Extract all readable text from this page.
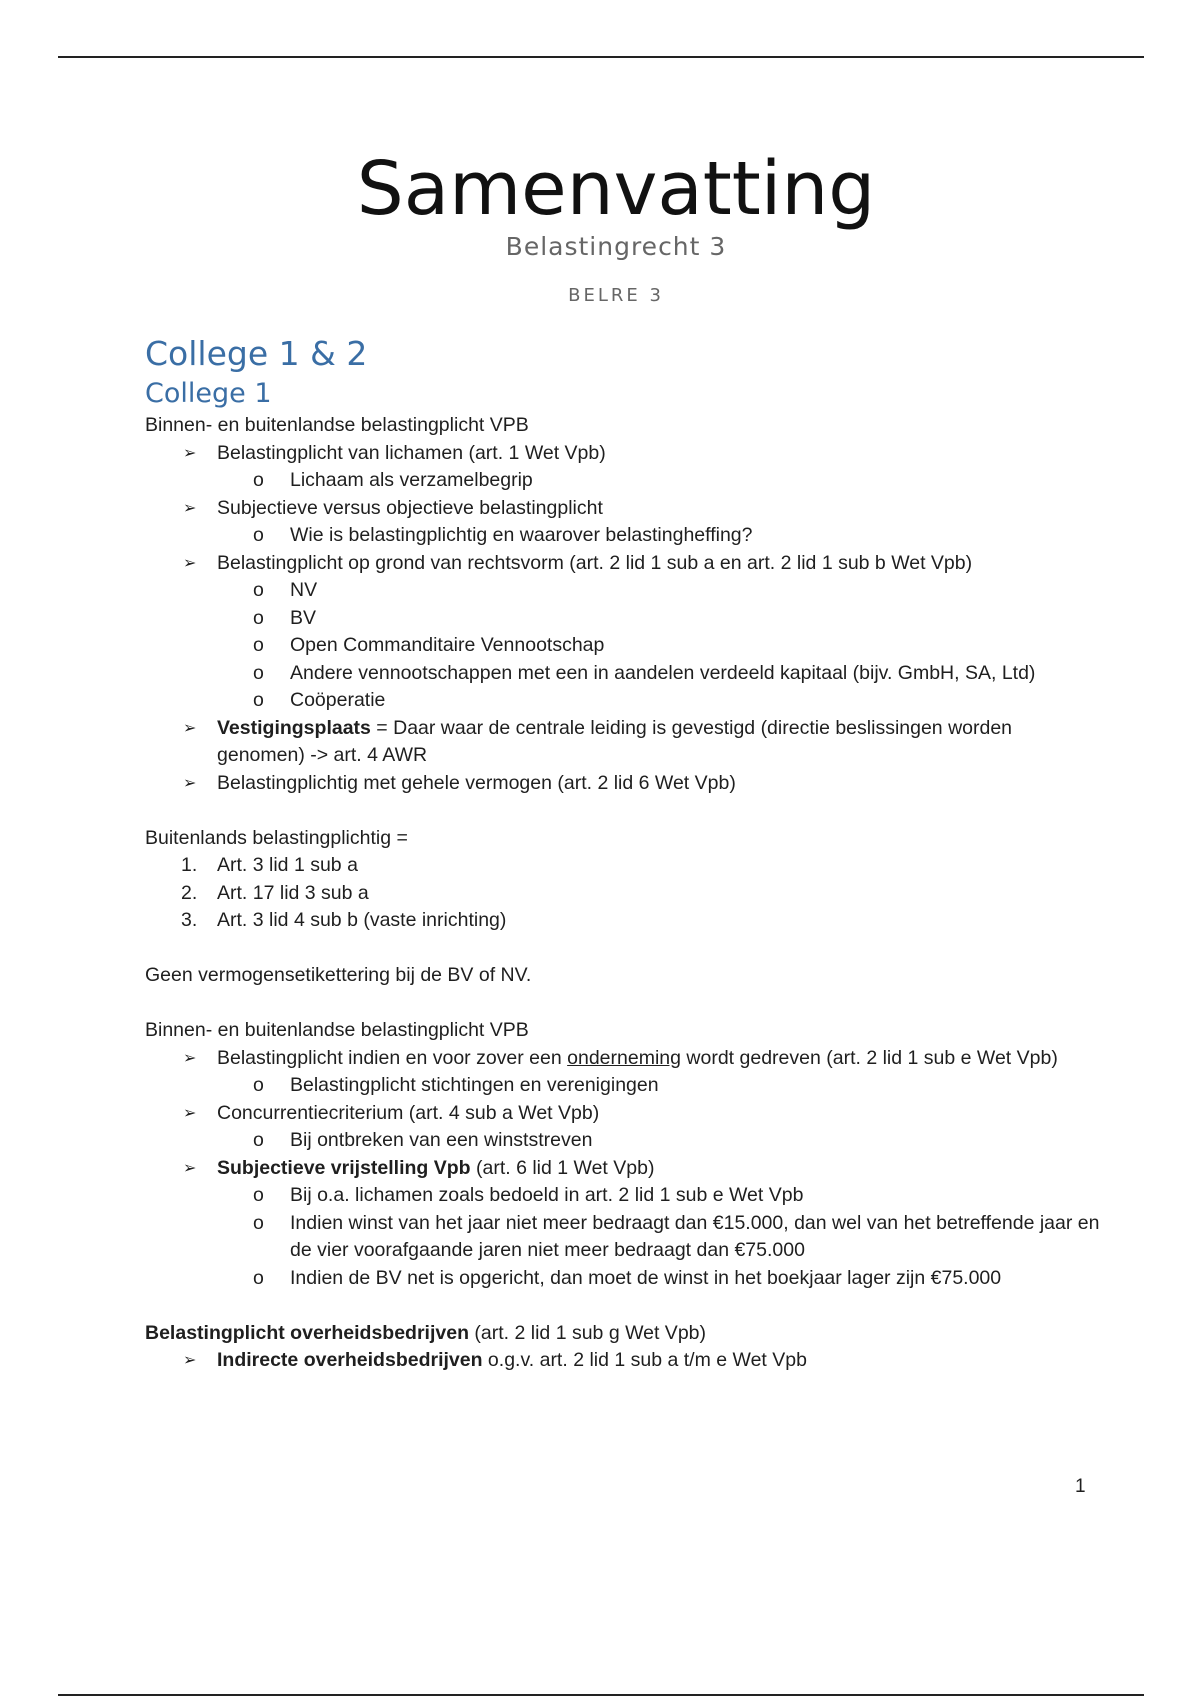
Samenvatting
Belastingrecht 3
BELRE 3
College 1 & 2
College 1

Binnen- en buitenlandse belastingplicht VPB

➢ Belastingplicht van lichamen (art. 1 Wet Vpb)
o Lichaam als verzamelbegrip
➢ Subjectieve versus objectieve belastingplicht
o Wie is belastingplichtig en waarover belastingheffing?
➢ Belastingplicht op grond van rechtsvorm (art. 2 lid 1 sub a en art. 2 lid 1 sub b Wet Vpb)
o NV
o BV
o Open Commanditaire Vennootschap
o Andere vennootschappen met een in aandelen verdeeld kapitaal (bijv. GmbH, SA, Ltd)
o Coöperatie
➢ Vestigingsplaats = Daar waar de centrale leiding is gevestigd (directie beslissingen worden genomen) -> art. 4 AWR
➢ Belastingplichtig met gehele vermogen (art. 2 lid 6 Wet Vpb)

Buitenlands belastingplichtig =

1. Art. 3 lid 1 sub a
2. Art. 17 lid 3 sub a
3. Art. 3 lid 4 sub b (vaste inrichting)

Geen vermogensetikettering bij de BV of NV.

Binnen- en buitenlandse belastingplicht VPB

➢ Belastingplicht indien en voor zover een onderneming wordt gedreven (art. 2 lid 1 sub e Wet Vpb)
o Belastingplicht stichtingen en verenigingen
➢ Concurrentiecriterium (art. 4 sub a Wet Vpb)
o Bij ontbreken van een winststreven
➢ Subjectieve vrijstelling Vpb (art. 6 lid 1 Wet Vpb)
o Bij o.a. lichamen zoals bedoeld in art. 2 lid 1 sub e Wet Vpb
o Indien winst van het jaar niet meer bedraagt dan €15.000, dan wel van het betreffende jaar en de vier voorafgaande jaren niet meer bedraagt dan €75.000
o Indien de BV net is opgericht, dan moet de winst in het boekjaar lager zijn €75.000

Belastingplicht overheidsbedrijven (art. 2 lid 1 sub g Wet Vpb)

➢ Indirecte overheidsbedrijven o.g.v. art. 2 lid 1 sub a t/m e Wet Vpb
1
